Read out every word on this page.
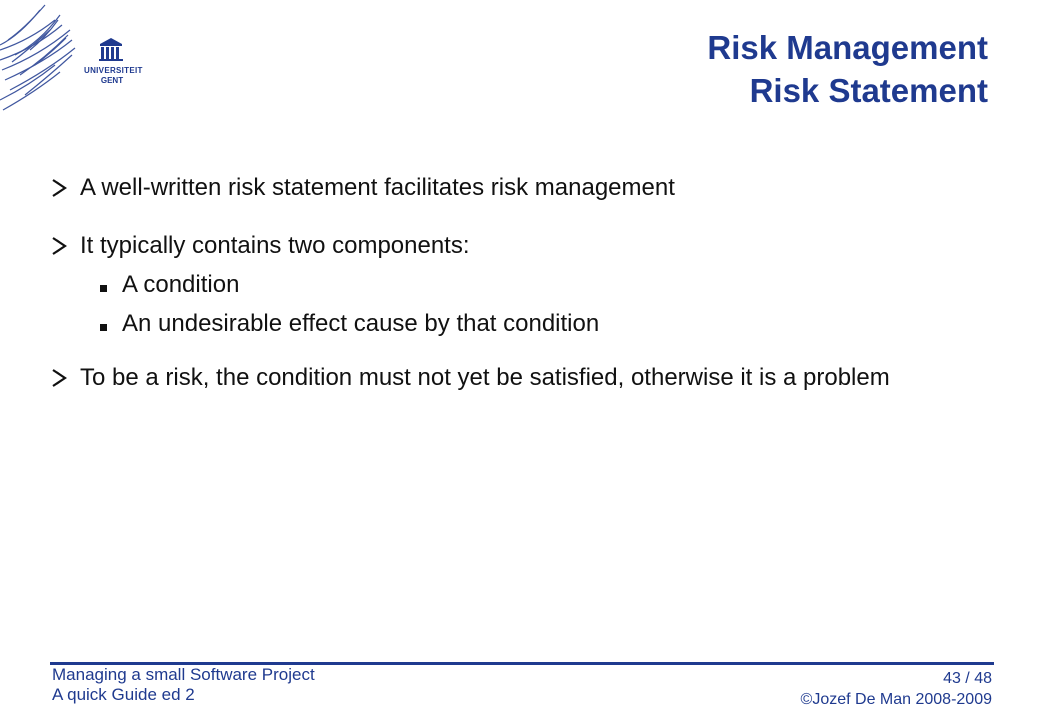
UNIVERSITEIT
GENT
Risk Management
Risk Statement
A well-written risk statement facilitates risk management
It typically contains two components:
A condition
An undesirable effect cause by that condition
To be a risk, the condition must not yet be satisfied, otherwise it is a problem
Managing a small Software Project
A quick Guide ed 2
43 / 48
©Jozef De Man 2008-2009
